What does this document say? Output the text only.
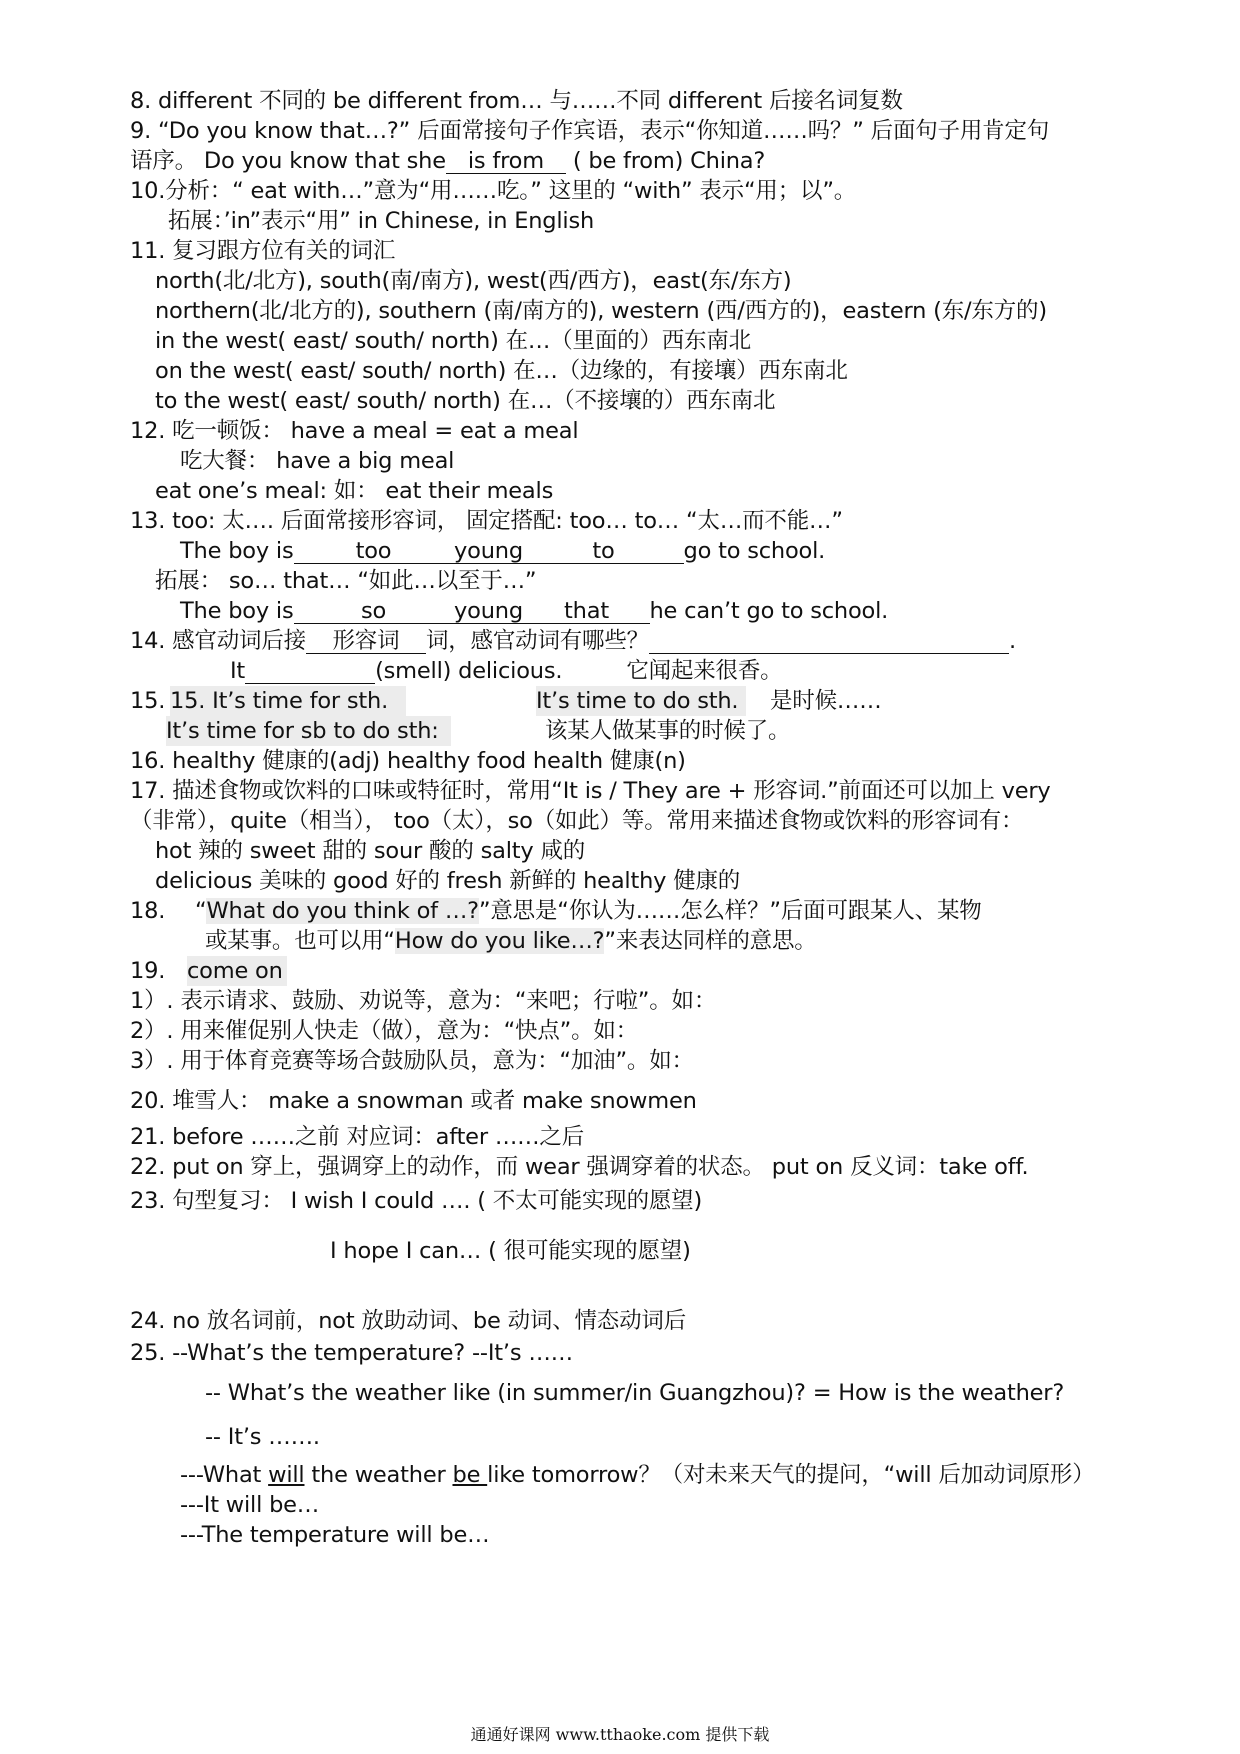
8. different 不同的 be different from… 与……不同 different 后接名词复数
9. “Do you know that…?” 后面常接句子作宾语，表示“你知道……吗？” 后面句子用肯定句
语序。 Do you know that she is from ( be from) China?
10.分析：“ eat with…”意为“用……吃。” 这里的 “with” 表示“用；以”。
拓展：’in”表示“用” in Chinese, in English
11. 复习跟方位有关的词汇
north(北/北方), south(南/南方), west(西/西方)，east(东/东方)
northern(北/北方的), southern (南/南方的), western (西/西方的)，eastern (东/东方的)
in the west( east/ south/ north) 在…（里面的）西东南北
on the west( east/ south/ north) 在…（边缘的，有接壤）西东南北
to the west( east/ south/ north) 在…（不接壤的）西东南北
12. 吃一顿饭： have a meal = eat a meal
吃大餐： have a big meal
eat one’s meal: 如： eat their meals
13. too: 太…. 后面常接形容词， 固定搭配: too… to… “太…而不能…”
The boy is	too	young	to	go to school.
拓展： so… that… “如此…以至于…”
The boy is	so	young that he can’t go to school.
14. 感官动词后接 形容词 词，感官动词有哪些？	.
It	(smell) delicious.	它闻起来很香。
15. It’s time for sth.
15.	It’s time to do sth.	是时候……
It’s time for sb to do sth:	该某人做某事的时候了。
16. healthy 健康的(adj) healthy food health 健康(n)
17. 描述食物或饮料的口味或特征时，常用“It is / They are + 形容词.”前面还可以加上 very
（非常），quite（相当）， too（太），so（如此）等。常用来描述食物或饮料的形容词有：
hot 辣的 sweet 甜的 sour 酸的 salty 咸的
delicious 美味的 good 好的 fresh 新鲜的 healthy 健康的
18. “What do you think of …?”意思是“你认为……怎么样？”后面可跟某人、某物
或某事。也可以用“How do you like…?”来表达同样的意思。
19. come on
1）. 表示请求、鼓励、劝说等，意为：“来吧；行啦”。如：
2）. 用来催促别人快走（做），意为：“快点”。如：
3）. 用于体育竞赛等场合鼓励队员，意为：“加油”。如：
20. 堆雪人： make a snowman 或者 make snowmen
21. before ……之前 对应词：after ……之后
22. put on 穿上，强调穿上的动作，而 wear 强调穿着的状态。 put on 反义词：take off.
23. 句型复习： I wish I could …. ( 不太可能实现的愿望)
I hope I can… ( 很可能实现的愿望)
24. no 放名词前，not 放助动词、be 动词、情态动词后
25. --What’s the temperature? --It’s ……
-- What’s the weather like (in summer/in Guangzhou)? = How is the weather?
-- It’s …….
---What will the weather be like tomorrow？（对未来天气的提问，“will 后加动词原形）
---It will be…
---The temperature will be…
通通好课网 www.tthaoke.com 提供下载
